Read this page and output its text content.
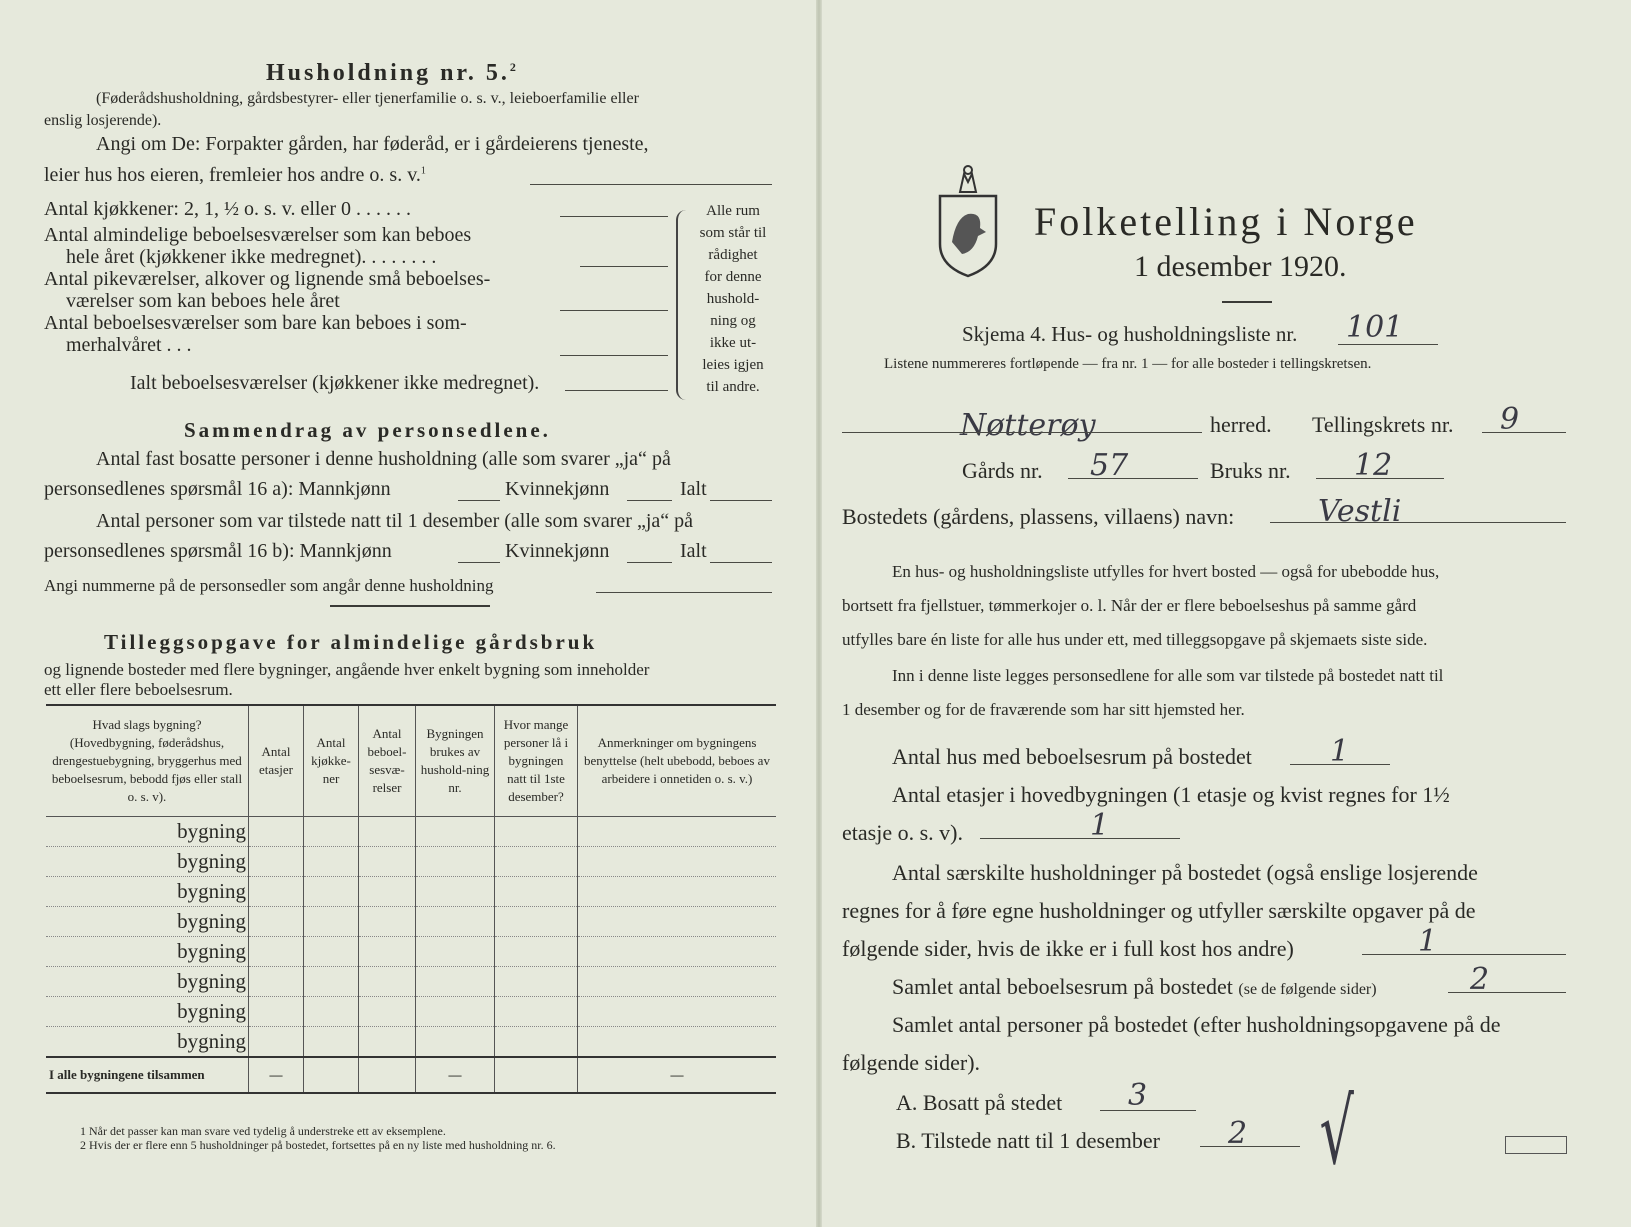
Husholdning nr. 5.$^2$
(Føderådshusholdning, gårdsbestyrer- eller tjenerfamilie o. s. v., leieboerfamilie eller
enslig losjerende).
Angi om De: Forpakter gården, har føderåd, er i gårdeierens tjeneste,
leier hus hos eieren, fremleier hos andre o. s. v.$^1$
Antal kjøkkener: 2, 1, ½ o. s. v. eller 0 . . . . . .
Antal almindelige beboelsesværelser som kan beboes
hele året (kjøkkener ikke medregnet). . . . . . . .
Antal pikeværelser, alkover og lignende små beboelses-
værelser som kan beboes hele året
Antal beboelsesværelser som bare kan beboes i som-
merhalvåret . . .
Ialt beboelsesværelser (kjøkkener ikke medregnet).
Alle rum
som står til
rådighet
for denne
hushold-
ning og
ikke ut-
leies igjen
til andre.
Sammendrag av personsedlene.
Antal fast bosatte personer i denne husholdning (alle som svarer „ja“ på
personsedlenes spørsmål 16 a): Mannkjønn	Kvinnekjønn	Ialt
Antal personer som var tilstede natt til 1 desember (alle som svarer „ja“ på
personsedlenes spørsmål 16 b): Mannkjønn	Kvinnekjønn	Ialt
Angi nummerne på de personsedler som angår denne husholdning
Tilleggsopgave for almindelige gårdsbruk
og lignende bosteder med flere bygninger, angående hver enkelt bygning som inneholder
ett eller flere beboelsesrum.
Hvad slags bygning? (Hovedbygning, føderådshus, drengestuebygning, bryggerhus med beboelsesrum, bebodd fjøs eller stall o. s. v).	Antal etasjer	Antal kjøkke-ner	Antal beboel-sesvæ-relser	Bygningen brukes av hushold-ning nr.	Hvor mange personer lå i bygningen natt til 1ste desember?	Anmerkninger om bygningens benyttelse (helt ubebodd, beboes av arbeidere i onnetiden o. s. v.)
bygning						
bygning						
bygning						
bygning						
bygning						
bygning						
bygning						
bygning						
I alle bygningene tilsammen	—			—		—
1 Når det passer kan man svare ved tydelig å understreke ett av eksemplene.
2 Hvis der er flere enn 5 husholdninger på bostedet, fortsettes på en ny liste med husholdning nr. 6.
Folketelling i Norge
1 desember 1920.
Skjema 4. Hus- og husholdningsliste nr. 101
Listene nummereres fortløpende — fra nr. 1 — for alle bosteder i tellingskretsen.
Nøtterøy	herred. Tellingskrets nr. 9
Gårds nr. 57	Bruks nr. 12
Bostedets (gårdens, plassens, villaens) navn:	Vestli
En hus- og husholdningsliste utfylles for hvert bosted — også for ubebodde hus,
bortsett fra fjellstuer, tømmerkojer o. l. Når der er flere beboelseshus på samme gård
utfylles bare én liste for alle hus under ett, med tilleggsopgave på skjemaets siste side.
Inn i denne liste legges personsedlene for alle som var tilstede på bostedet natt til
1 desember og for de fraværende som har sitt hjemsted her.
Antal hus med beboelsesrum på bostedet	1
Antal etasjer i hovedbygningen (1 etasje og kvist regnes for 1½
etasje o. s. v).	1
Antal særskilte husholdninger på bostedet (også enslige losjerende
regnes for å føre egne husholdninger og utfyller særskilte opgaver på de
følgende sider, hvis de ikke er i full kost hos andre)	1
Samlet antal beboelsesrum på bostedet (se de følgende sider)	2
Samlet antal personer på bostedet (efter husholdningsopgavene på de
følgende sider).
A. Bosatt på stedet 3
B. Tilstede natt til 1 desember 2 √
